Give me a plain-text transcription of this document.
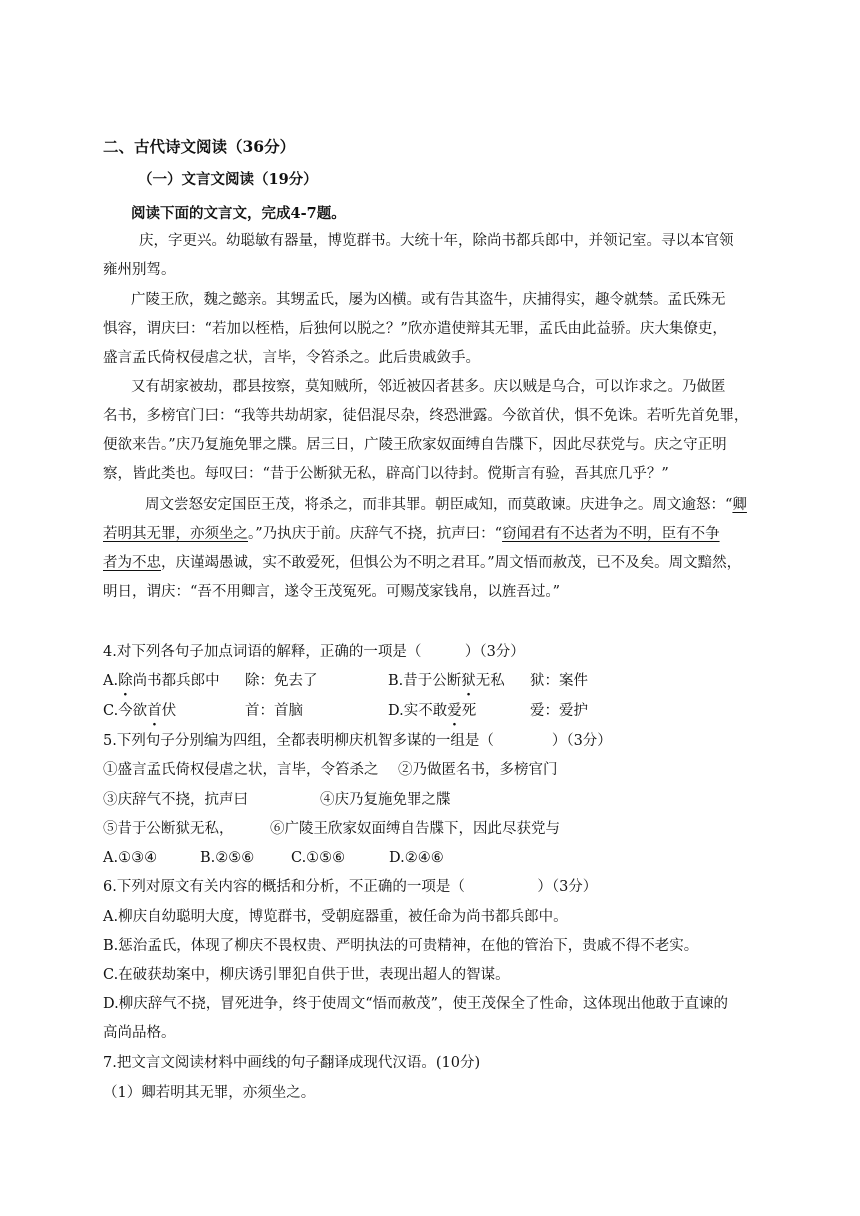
二、古代诗文阅读（36分）
（一）文言文阅读（19分）
阅读下面的文言文，完成4-7题。
庆，字更兴。幼聪敏有器量，博览群书。大统十年，除尚书都兵郎中，并领记室。寻以本官领
雍州别驾。
广陵王欣，魏之懿亲。其甥孟氏，屡为凶横。或有告其盗牛，庆捕得实，趣令就禁。孟氏殊无
惧容，谓庆曰：“若加以桎梏，后独何以脱之？”欣亦遣使辩其无罪，孟氏由此益骄。庆大集僚吏，
盛言孟氏倚权侵虐之状，言毕，令笞杀之。此后贵戚敛手。
又有胡家被劫，郡县按察，莫知贼所，邻近被囚者甚多。庆以贼是乌合，可以诈求之。乃做匿
名书，多榜官门曰：“我等共劫胡家，徒侣混尽杂，终恐泄露。今欲首伏，惧不免诛。若听先首免罪，
便欲来告。”庆乃复施免罪之牒。居三日，广陵王欣家奴面缚自告牒下，因此尽获党与。庆之守正明
察，皆此类也。每叹曰：“昔于公断狱无私，辟高门以待封。傥斯言有验，吾其庶几乎？”
周文尝怒安定国臣王茂，将杀之，而非其罪。朝臣咸知，而莫敢谏。庆进争之。周文逾怒：“卿
若明其无罪，亦须坐之。”乃执庆于前。庆辞气不挠，抗声曰：“窃闻君有不达者为不明，臣有不争
者为不忠，庆谨竭愚诚，实不敢爱死，但惧公为不明之君耳。”周文悟而赦茂，已不及矣。周文黯然，
明日，谓庆：“吾不用卿言，遂令王茂冤死。可赐茂家钱帛，以旌吾过。”
4.对下列各句子加点词语的解释，正确的一项是（　　　）（3分）
A.除尚书都兵郎中 除：免去了	B.昔于公断狱无私 狱：案件
C.今欲首伏	首：首脑	D.实不敢爱死	爱：爱护
5.下列句子分别编为四组，全都表明柳庆机智多谋的一组是（　　　　）（3分）
①盛言孟氏倚权侵虐之状，言毕，令笞杀之 ②乃做匿名书，多榜官门
③庆辞气不挠，抗声曰	④庆乃复施免罪之牒
⑤昔于公断狱无私，	⑥广陵王欣家奴面缚自告牒下，因此尽获党与
A.①③④	B.②⑤⑥	C.①⑤⑥	D.②④⑥
6.下列对原文有关内容的概括和分析，不正确的一项是（　　　　　）（3分）
A.柳庆自幼聪明大度，博览群书，受朝庭器重，被任命为尚书都兵郎中。
B.惩治孟氏，体现了柳庆不畏权贵、严明执法的可贵精神，在他的管治下，贵戚不得不老实。
C.在破获劫案中，柳庆诱引罪犯自供于世，表现出超人的智谋。
D.柳庆辞气不挠，冒死进争，终于使周文“悟而赦茂”，使王茂保全了性命，这体现出他敢于直谏的
高尚品格。
7.把文言文阅读材料中画线的句子翻译成现代汉语。(10分)
（1）卿若明其无罪，亦须坐之。
